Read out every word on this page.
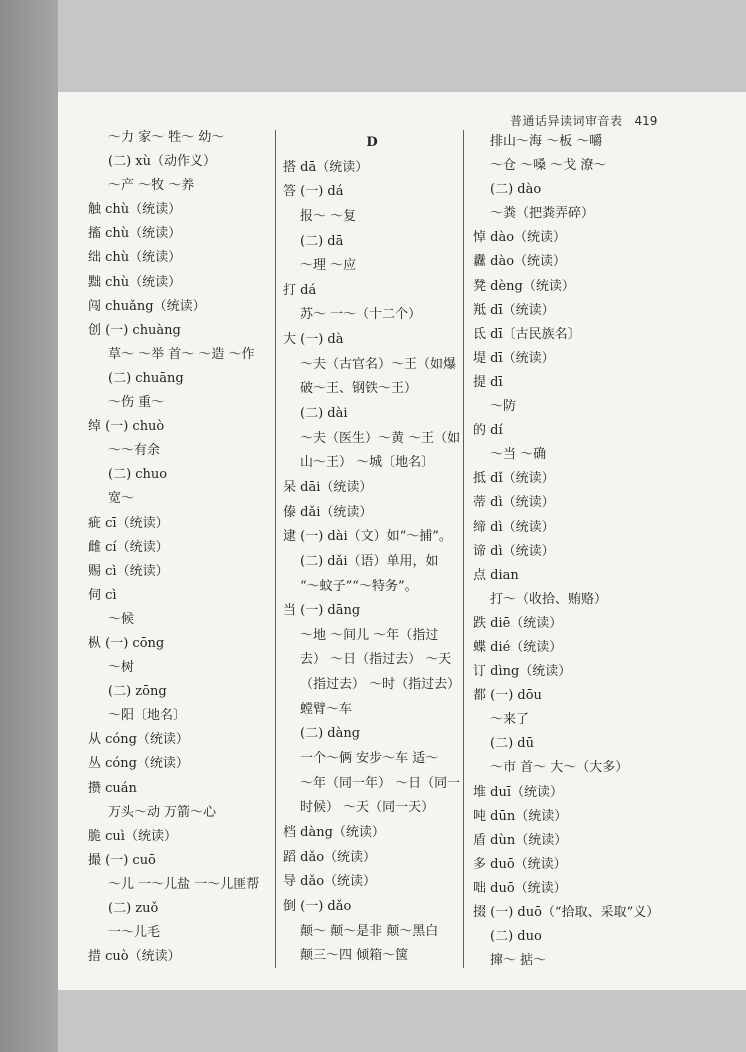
普通话异读词审音表 419
～力 家～ 牲～ 幼～
(二) xù（动作义）
～产 ～牧 ～养
触 chù（统读）
搐 chù（统读）
绌 chù（统读）
黜 chù（统读）
闯 chuǎng（统读）
创 (一) chuàng
草～ ～举 首～ ～造 ～作
(二) chuāng
～伤 重～
绰 (一) chuò
～～有余
(二) chuo
宽～
疵 cī（统读）
雌 cí（统读）
赐 cì（统读）
伺 cì
～候
枞 (一) cōng
～树
(二) zōng
～阳〔地名〕
从 cóng（统读）
丛 cóng（统读）
攒 cuán
万头～动 万箭～心
脆 cuì（统读）
撮 (一) cuō
～儿 一～儿盐 一～儿匪帮
(二) zuǒ
一～儿毛
措 cuò（统读）
D
搭 dā（统读）
答 (一) dá
报～ ～复
(二) dā
～理 ～应
打 dá
苏～ 一～（十二个）
大 (一) dà
～夫（古官名）～王（如爆
破～王、钢铁～王）
(二) dài
～夫（医生）～黄 ～王（如
山～王） ～城〔地名〕
呆 dāi（统读）
傣 dǎi（统读）
逮 (一) dài（文）如“～捕”。
(二) dǎi（语）单用，如
“～蚊子”“～特务”。
当 (一) dāng
～地 ～间儿 ～年（指过
去） ～日（指过去） ～天
（指过去） ～时（指过去）
螳臂～车
(二) dàng
一个～俩 安步～车 适～
～年（同一年） ～日（同一
时候） ～天（同一天）
档 dàng（统读）
蹈 dǎo（统读）
导 dǎo（统读）
倒 (一) dǎo
颠～ 颠～是非 颠～黑白
颠三～四 倾箱～箧
排山～海 ～板 ～嚼
～仓 ～嗓 ～戈 潦～
(二) dào
～粪（把粪弄碎）
悼 dào（统读）
纛 dào（统读）
凳 dèng（统读）
羝 dī（统读）
氐 dī〔古民族名〕
堤 dī（统读）
提 dī
～防
的 dí
～当 ～确
抵 dǐ（统读）
蒂 dì（统读）
缔 dì（统读）
谛 dì（统读）
点 dian
打～（收拾、贿赂）
跌 diē（统读）
蝶 dié（统读）
订 dìng（统读）
都 (一) dōu
～来了
(二) dū
～市 首～ 大～（大多）
堆 duī（统读）
吨 dūn（统读）
盾 dùn（统读）
多 duō（统读）
咄 duō（统读）
掇 (一) duō（“拾取、采取”义）
(二) duo
撺～ 掂～
